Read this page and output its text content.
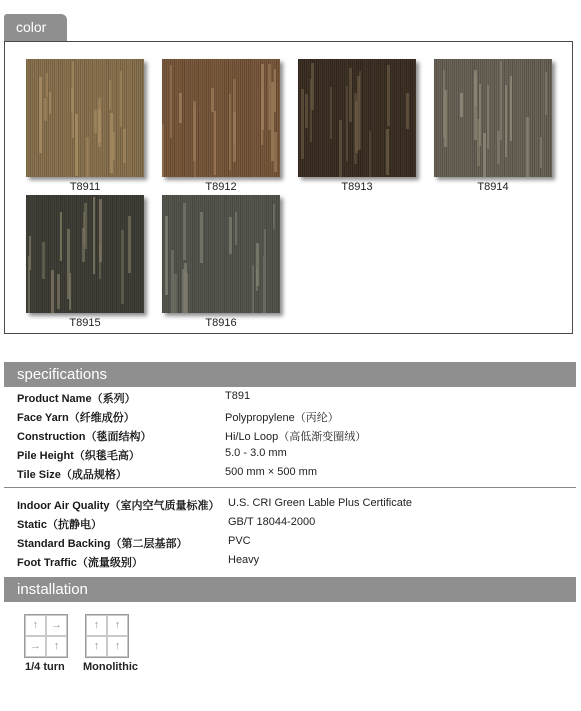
color
T8911	T8912	T8913	T8914
T8915	T8916
specifications
Product Name（系列）	T891
Face Yarn（纤维成份）	Polypropylene（丙纶）
Construction（毯面结构）	Hi/Lo Loop（高低渐变圈绒）
Pile Height（织毯毛高）	5.0 - 3.0 mm
Tile Size（成品规格）	500 mm × 500 mm
Indoor Air Quality（室内空气质量标准） U.S. CRI Green Lable Plus Certificate
Static（抗静电）	GB/T 18044-2000
Standard Backing（第二层基部）	PVC
Foot Traffic（流量级别）	Heavy
installation
↑	→
→	↑
1/4 turn
↑	↑
↑	↑
Monolithic
